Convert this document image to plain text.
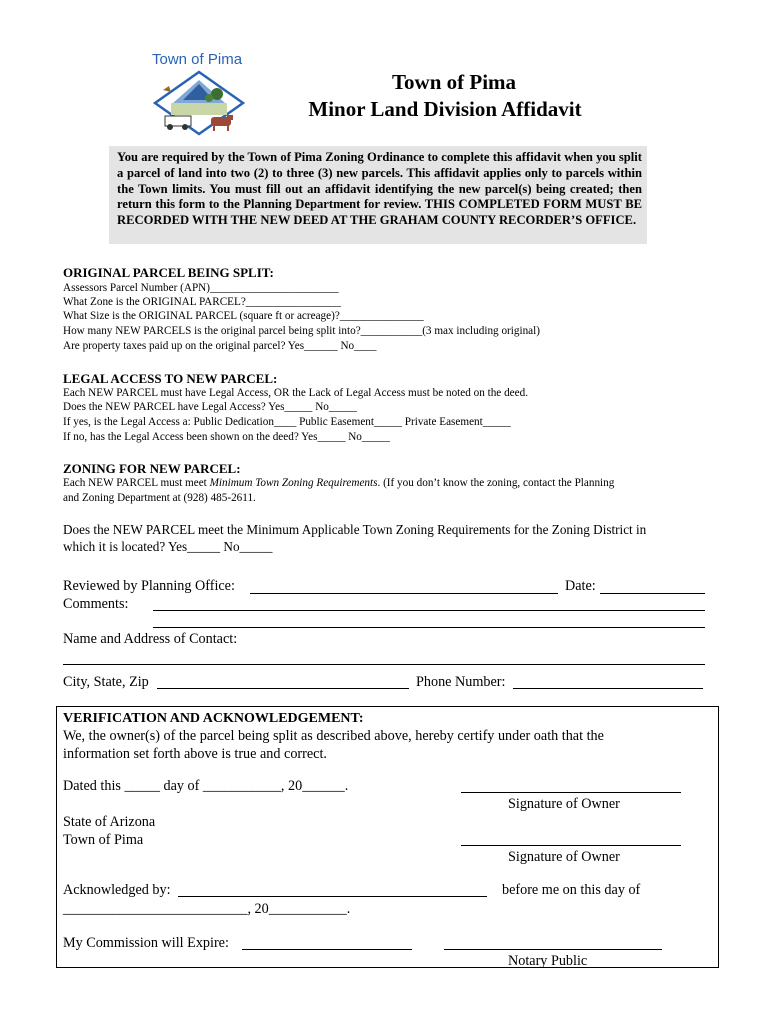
Town of Pima
Town of Pima
Minor Land Division Affidavit
You are required by the Town of Pima Zoning Ordinance to complete this affidavit when you split a parcel of land into two (2) to three (3) new parcels. This affidavit applies only to parcels within the Town limits. You must fill out an affidavit identifying the new parcel(s) being created; then return this form to the Planning Department for review. THIS COMPLETED FORM MUST BE RECORDED WITH THE NEW DEED AT THE GRAHAM COUNTY RECORDER’S OFFICE.
ORIGINAL PARCEL BEING SPLIT:
Assessors Parcel Number (APN)_______________________
What Zone is the ORIGINAL PARCEL?_________________
What Size is the ORIGINAL PARCEL (square ft or acreage)?_______________
How many NEW PARCELS is the original parcel being split into?___________(3 max including original)
Are property taxes paid up on the original parcel? Yes______ No____
LEGAL ACCESS TO NEW PARCEL:
Each NEW PARCEL must have Legal Access, OR the Lack of Legal Access must be noted on the deed.
Does the NEW PARCEL have Legal Access? Yes_____ No_____
If yes, is the Legal Access a: Public Dedication____ Public Easement_____ Private Easement_____
If no, has the Legal Access been shown on the deed? Yes_____ No_____
ZONING FOR NEW PARCEL:
Each NEW PARCEL must meet Minimum Town Zoning Requirements. (If you don’t know the zoning, contact the Planning
and Zoning Department at (928) 485-2611.
Does the NEW PARCEL meet the Minimum Applicable Town Zoning Requirements for the Zoning District in
which it is located? Yes_____ No_____
Reviewed by Planning Office:	Date:
Comments:
Name and Address of Contact:
City, State, Zip	Phone Number:
VERIFICATION AND ACKNOWLEDGEMENT:
We, the owner(s) of the parcel being split as described above, hereby certify under oath that the
information set forth above is true and correct.
Dated this _____ day of ___________, 20______.
Signature of Owner
State of Arizona
Town of Pima
Signature of Owner
Acknowledged by:	before me on this day of
__________________________, 20___________.
My Commission will Expire:
Notary Public
